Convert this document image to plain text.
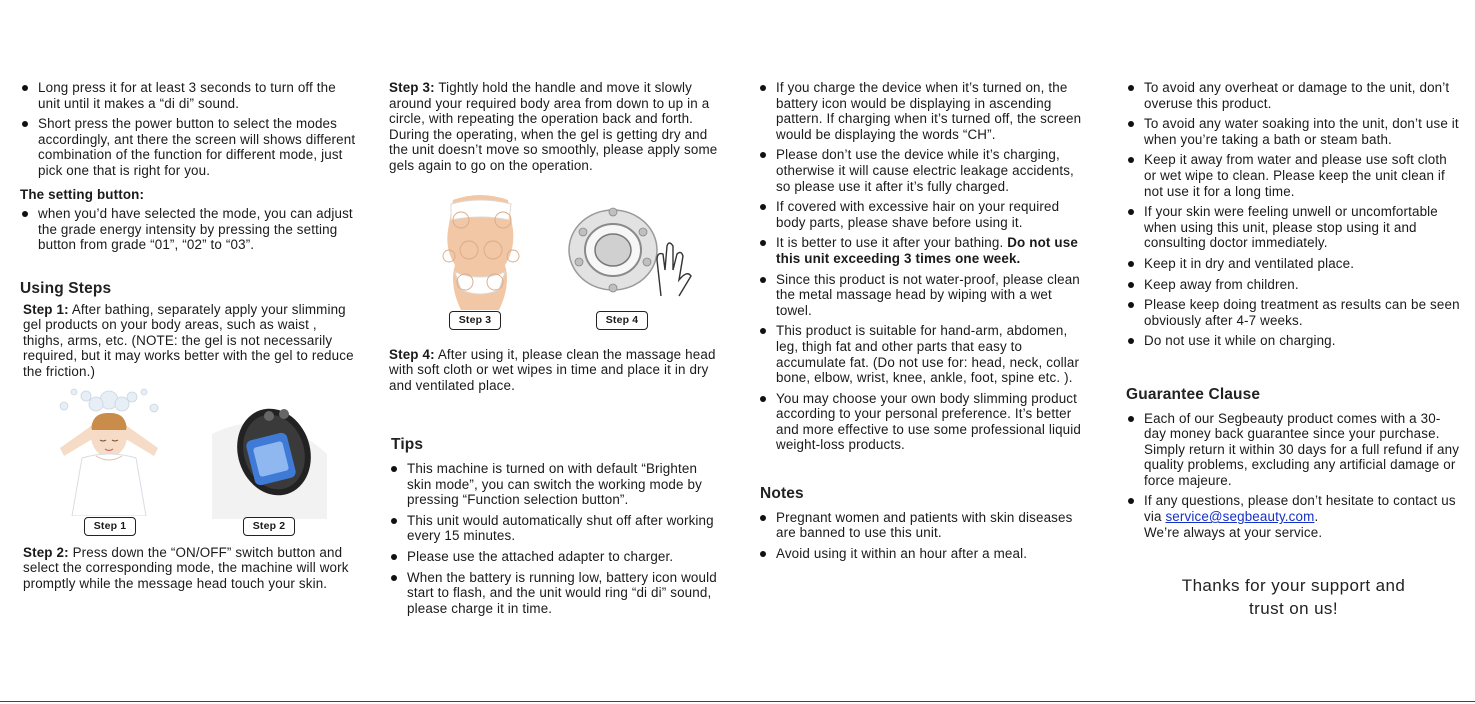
Long press it for at least 3 seconds to turn off the unit until it makes a “di di” sound.
Short press the power button to select the modes accordingly, ant there the screen will shows different combination of the function for different mode, just pick one that is right for you.
The setting button:
when you’d have selected the mode, you can adjust the grade energy intensity by pressing the setting button from grade “01”, “02” to “03”.
Using Steps

Step 1: After bathing, separately apply your slimming gel products on your body areas, such as waist , thighs, arms, etc. (NOTE: the gel is not necessarily required, but it may works better with the gel to reduce the friction.)

Step 1	Step 2

Step 2: Press down the “ON/OFF” switch button and select the corresponding mode, the machine will work promptly while the message head touch your skin.

Step 3: Tightly hold the handle and move it slowly around your required body area from down to up in a circle, with repeating the operation back and forth. During the operating, when the gel is getting dry and the unit doesn’t move so smoothly, please apply some gels again to go on the operation.

Step 3	Step 4

Step 4: After using it, please clean the massage head with soft cloth or wet wipes in time and place it in dry and ventilated place.

Tips
This machine is turned on with default “Brighten skin mode”, you can switch the working mode by pressing “Function selection button”.
This unit would automatically shut off after working every 15 minutes.
Please use the attached adapter to charger.
When the battery is running low, battery icon would start to flash, and the unit would ring “di di” sound, please charge it in time.
If you charge the device when it’s turned on, the battery icon would be displaying in ascending pattern. If charging when it’s turned off, the screen would be displaying the words “CH”.
Please don’t use the device while it’s charging, otherwise it will cause electric leakage accidents, so please use it after it’s fully charged.
If covered with excessive hair on your required body parts, please shave before using it.
It is better to use it after your bathing. Do not use this unit exceeding 3 times one week.
Since this product is not water-proof, please clean the metal massage head by wiping with a wet towel.
This product is suitable for hand-arm, abdomen, leg, thigh fat and other parts that easy to accumulate fat. (Do not use for: head, neck, collar bone, elbow, wrist, knee, ankle, foot, spine etc. ).
You may choose your own body slimming product according to your personal preference. It’s better and more effective to use some professional liquid weight-loss products.
Notes
Pregnant women and patients with skin diseases are banned to use this unit.
Avoid using it within an hour after a meal.
To avoid any overheat or damage to the unit, don’t overuse this product.
To avoid any water soaking into the unit, don’t use it when you’re taking a bath or steam bath.
Keep it away from water and please use soft cloth or wet wipe to clean. Please keep the unit clean if not use it for a long time.
If your skin were feeling unwell or uncomfortable when using this unit, please stop using it and consulting doctor immediately.
Keep it in dry and ventilated place.
Keep away from children.
Please keep doing treatment as results can be seen obviously after 4-7 weeks.
Do not use it while on charging.
Guarantee Clause
Each of our Segbeauty product comes with a 30-day money back guarantee since your purchase. Simply return it within 30 days for a full refund if any quality problems, excluding any artificial damage or force majeure.
If any questions, please don’t hesitate to contact us via service@segbeauty.com.
We’re always at your service.
Thanks for your support and
trust on us!
